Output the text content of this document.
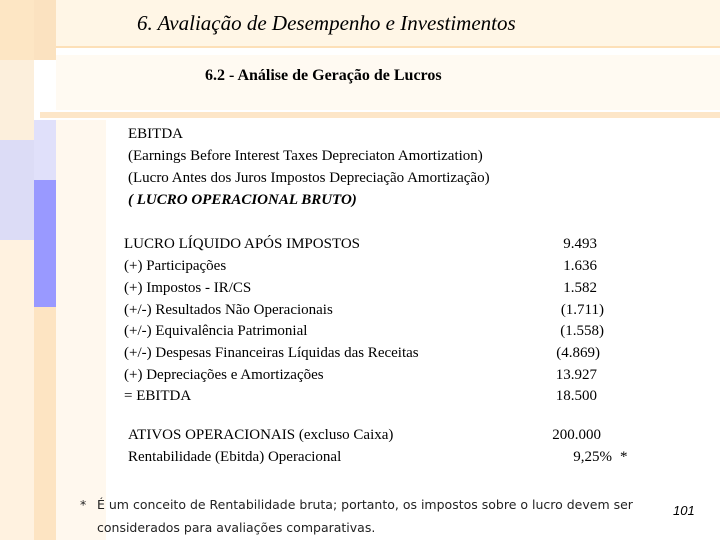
6. Avaliação de Desempenho e Investimentos
6.2 - Análise de Geração de Lucros
EBITDA
(Earnings Before Interest Taxes Depreciaton Amortization)
(Lucro Antes dos Juros Impostos Depreciação Amortização)
( LUCRO OPERACIONAL BRUTO)
LUCRO LÍQUIDO APÓS IMPOSTOS	9.493
(+) Participações	1.636
(+) Impostos - IR/CS	1.582
(+/-) Resultados Não Operacionais	(1.711)
(+/-) Equivalência Patrimonial	(1.558)
(+/-) Despesas Financeiras Líquidas das Receitas	(4.869)
(+) Depreciações e Amortizações	13.927
= EBITDA	18.500
ATIVOS OPERACIONAIS (excluso Caixa)	200.000
Rentabilidade (Ebitda) Operacional	9,25% *
* É um conceito de Rentabilidade bruta; portanto, os impostos sobre o lucro devem ser
considerados para avaliações comparativas.
101
